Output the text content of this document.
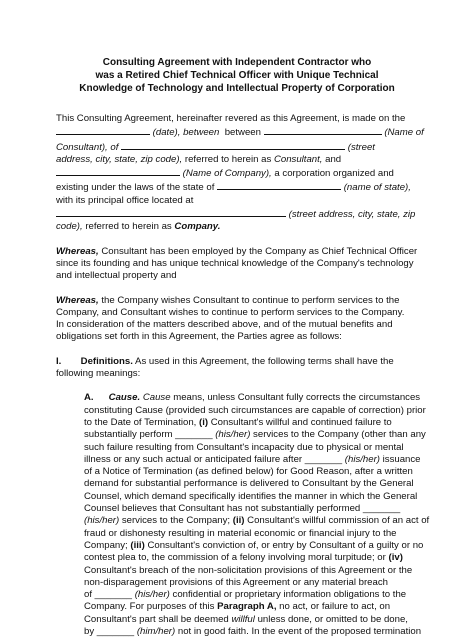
Consulting Agreement with Independent Contractor who
was a Retired Chief Technical Officer with Unique Technical
Knowledge of Technology and Intellectual Property of Corporation
This Consulting Agreement, hereinafter revered as this Agreement, is made on the
(date), between between	(Name of
Consultant), of	(street
address, city, state, zip code), referred to herein as Consultant, and
(Name of Company), a corporation organized and
existing under the laws of the state of	(name of state),
with its principal office located at
(street address, city, state, zip
code), referred to herein as Company.
Whereas, Consultant has been employed by the Company as Chief Technical Officer
since its founding and has unique technical knowledge of the Company's technology
and intellectual property and
Whereas, the Company wishes Consultant to continue to perform services to the
Company, and Consultant wishes to continue to perform services to the Company.
In consideration of the matters described above, and of the mutual benefits and
obligations set forth in this Agreement, the Parties agree as follows:
I. Definitions. As used in this Agreement, the following terms shall have the
following meanings:
A. Cause. Cause means, unless Consultant fully corrects the circumstances
constituting Cause (provided such circumstances are capable of correction) prior
to the Date of Termination, (i) Consultant's willful and continued failure to
substantially perform _______ (his/her) services to the Company (other than any
such failure resulting from Consultant's incapacity due to physical or mental
illness or any such actual or anticipated failure after _______ (his/her) issuance
of a Notice of Termination (as defined below) for Good Reason, after a written
demand for substantial performance is delivered to Consultant by the General
Counsel, which demand specifically identifies the manner in which the General
Counsel believes that Consultant has not substantially performed _______
(his/her) services to the Company; (ii) Consultant's willful commission of an act of
fraud or dishonesty resulting in material economic or financial injury to the
Company; (iii) Consultant's conviction of, or entry by Consultant of a guilty or no
contest plea to, the commission of a felony involving moral turpitude; or (iv)
Consultant's breach of the non-solicitation provisions of this Agreement or the
non-disparagement provisions of this Agreement or any material breach
of _______ (his/her) confidential or proprietary information obligations to the
Company. For purposes of this Paragraph A, no act, or failure to act, on
Consultant's part shall be deemed willful unless done, or omitted to be done,
by _______ (him/her) not in good faith. In the event of the proposed termination
